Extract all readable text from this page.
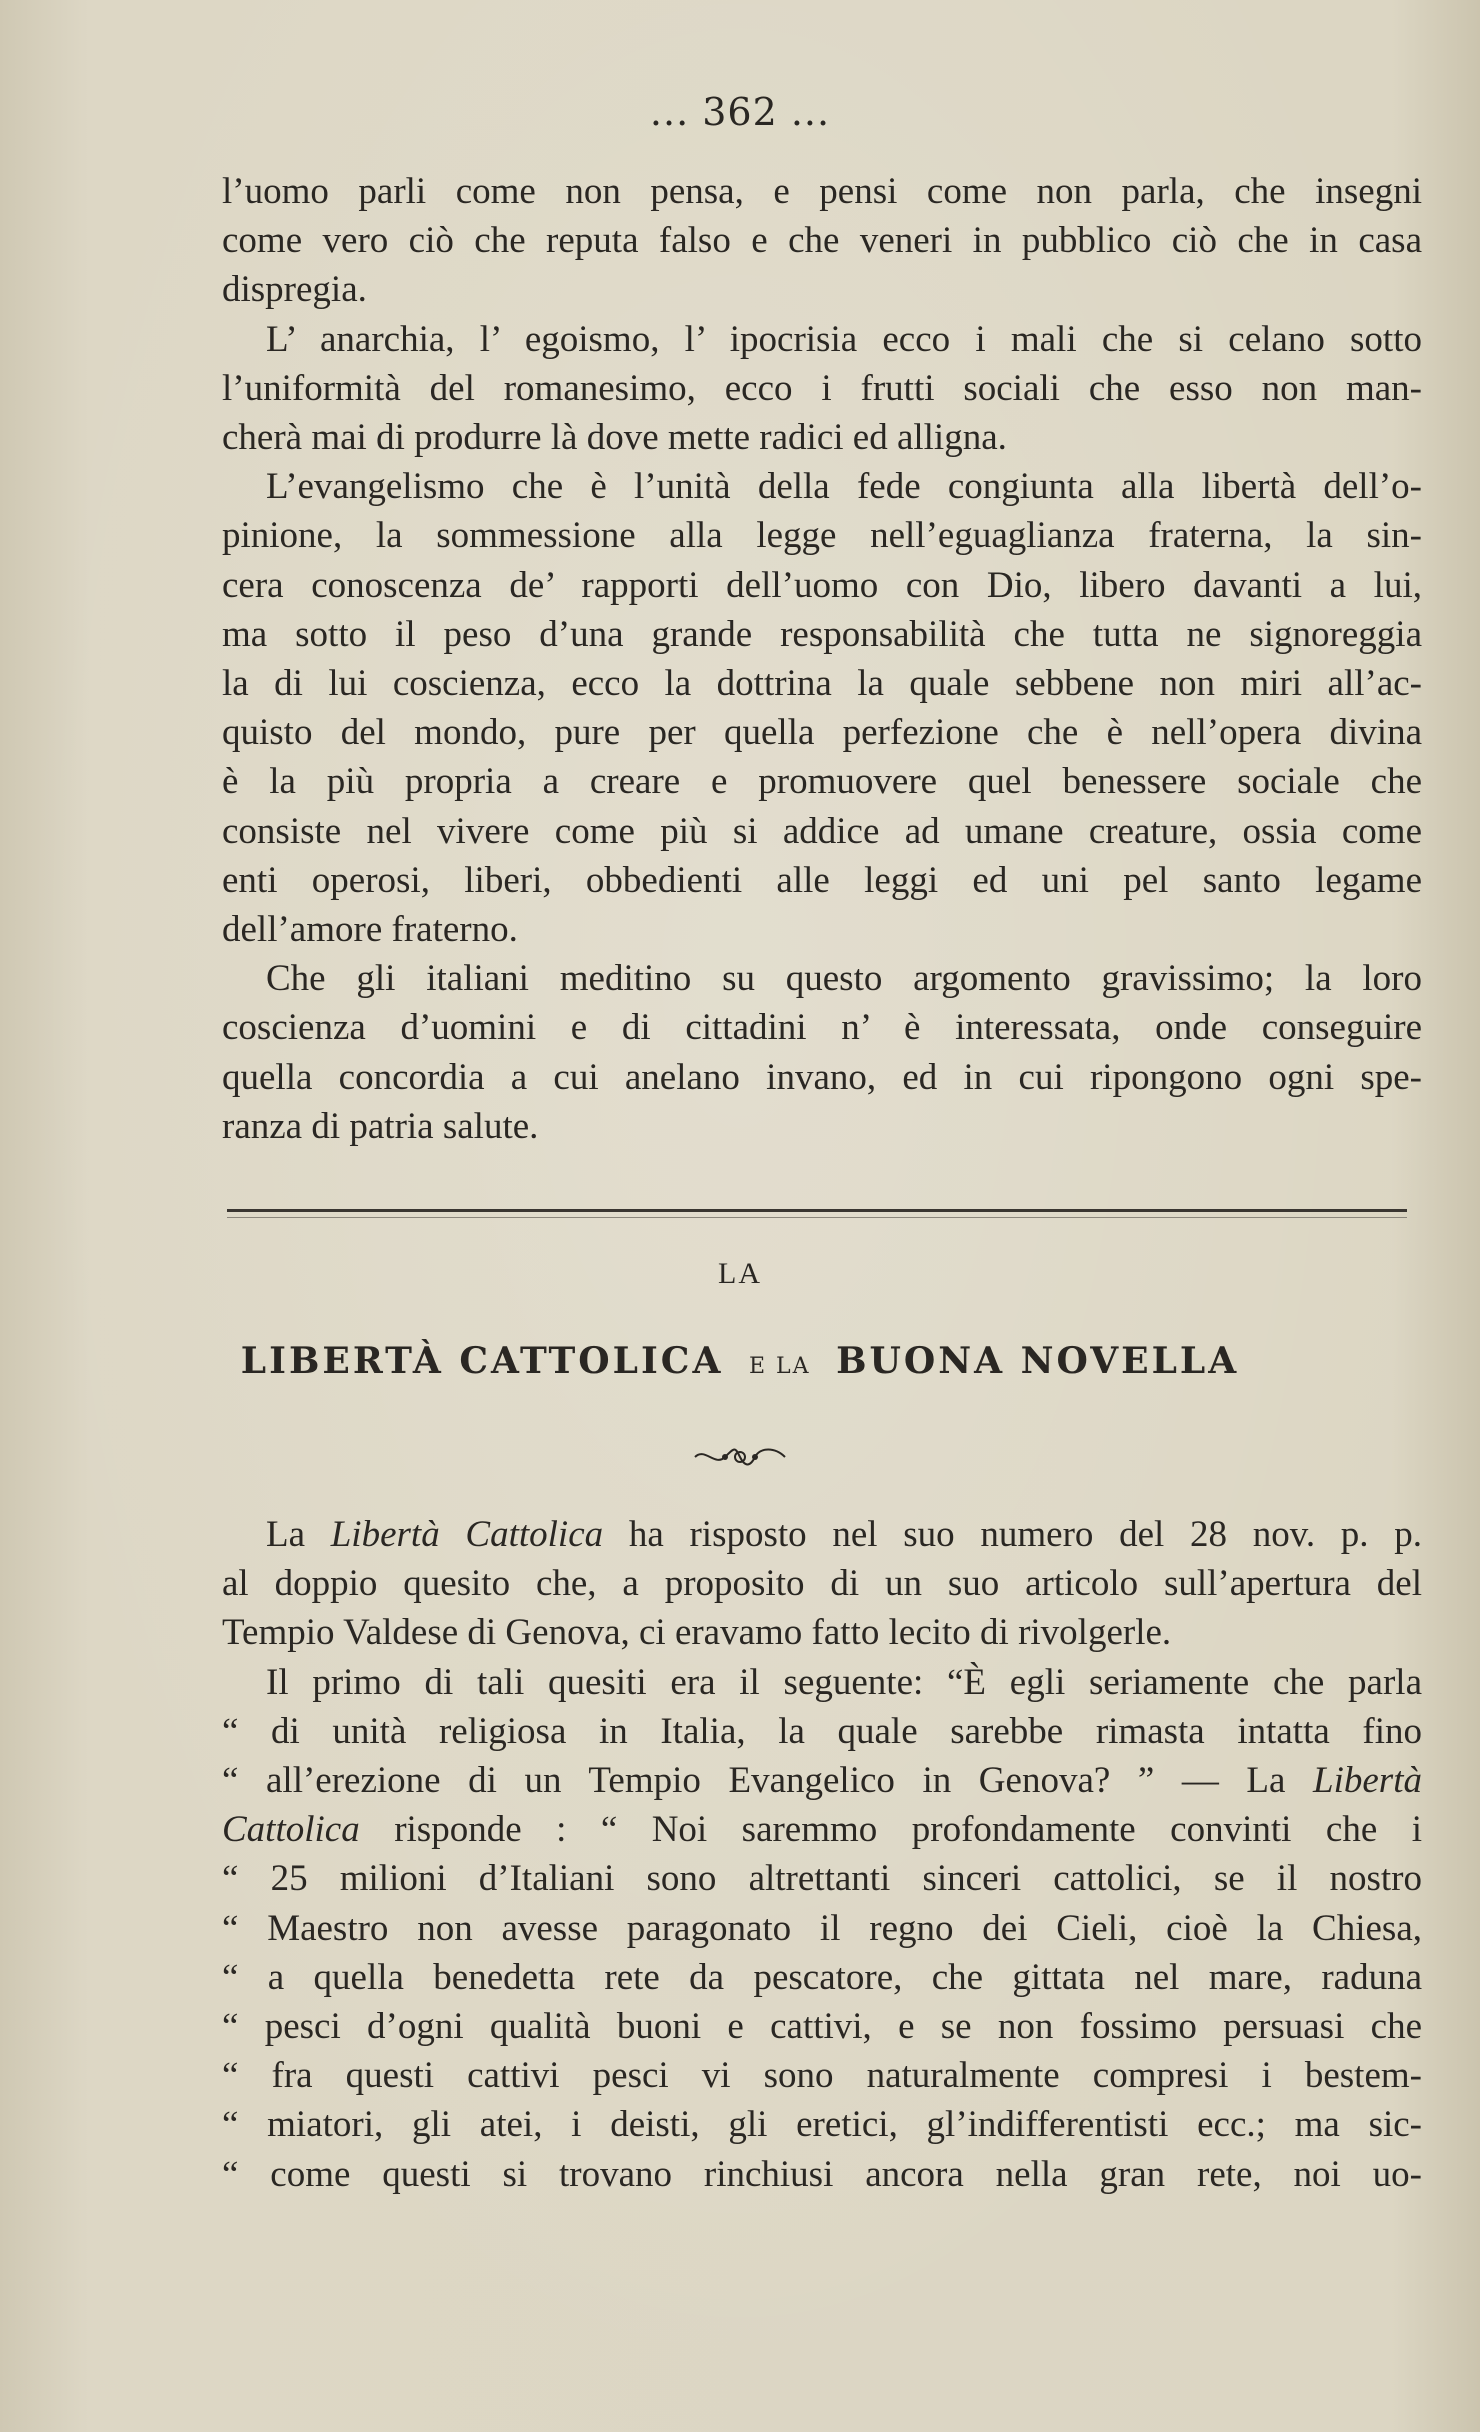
... 362 ...
l’uomo parli come non pensa, e pensi come non parla, che insegni
come vero ciò che reputa falso e che veneri in pubblico ciò che in casa
dispregia.
L’ anarchia, l’ egoismo, l’ ipocrisia ecco i mali che si celano sotto
l’uniformità del romanesimo, ecco i frutti sociali che esso non man-
cherà mai di produrre là dove mette radici ed alligna.
L’evangelismo che è l’unità della fede congiunta alla libertà dell’o-
pinione, la sommessione alla legge nell’eguaglianza fraterna, la sin-
cera conoscenza de’ rapporti dell’uomo con Dio, libero davanti a lui,
ma sotto il peso d’una grande responsabilità che tutta ne signoreggia
la di lui coscienza, ecco la dottrina la quale sebbene non miri all’ac-
quisto del mondo, pure per quella perfezione che è nell’opera divina
è la più propria a creare e promuovere quel benessere sociale che
consiste nel vivere come più si addice ad umane creature, ossia come
enti operosi, liberi, obbedienti alle leggi ed uni pel santo legame
dell’amore fraterno.
Che gli italiani meditino su questo argomento gravissimo; la loro
coscienza d’uomini e di cittadini n’ è interessata, onde conseguire
quella concordia a cui anelano invano, ed in cui ripongono ogni spe-
ranza di patria salute.
LA
LIBERTÀ CATTOLICA E LA BUONA NOVELLA
La Libertà Cattolica ha risposto nel suo numero del 28 nov. p. p.
al doppio quesito che, a proposito di un suo articolo sull’apertura del
Tempio Valdese di Genova, ci eravamo fatto lecito di rivolgerle.
Il primo di tali quesiti era il seguente: “È egli seriamente che parla
“ di unità religiosa in Italia, la quale sarebbe rimasta intatta fino
“ all’erezione di un Tempio Evangelico in Genova? ” — La Libertà
Cattolica risponde : “ Noi saremmo profondamente convinti che i
“ 25 milioni d’Italiani sono altrettanti sinceri cattolici, se il nostro
“ Maestro non avesse paragonato il regno dei Cieli, cioè la Chiesa,
“ a quella benedetta rete da pescatore, che gittata nel mare, raduna
“ pesci d’ogni qualità buoni e cattivi, e se non fossimo persuasi che
“ fra questi cattivi pesci vi sono naturalmente compresi i bestem-
“ miatori, gli atei, i deisti, gli eretici, gl’indifferentisti ecc.; ma sic-
“ come questi si trovano rinchiusi ancora nella gran rete, noi uo-
